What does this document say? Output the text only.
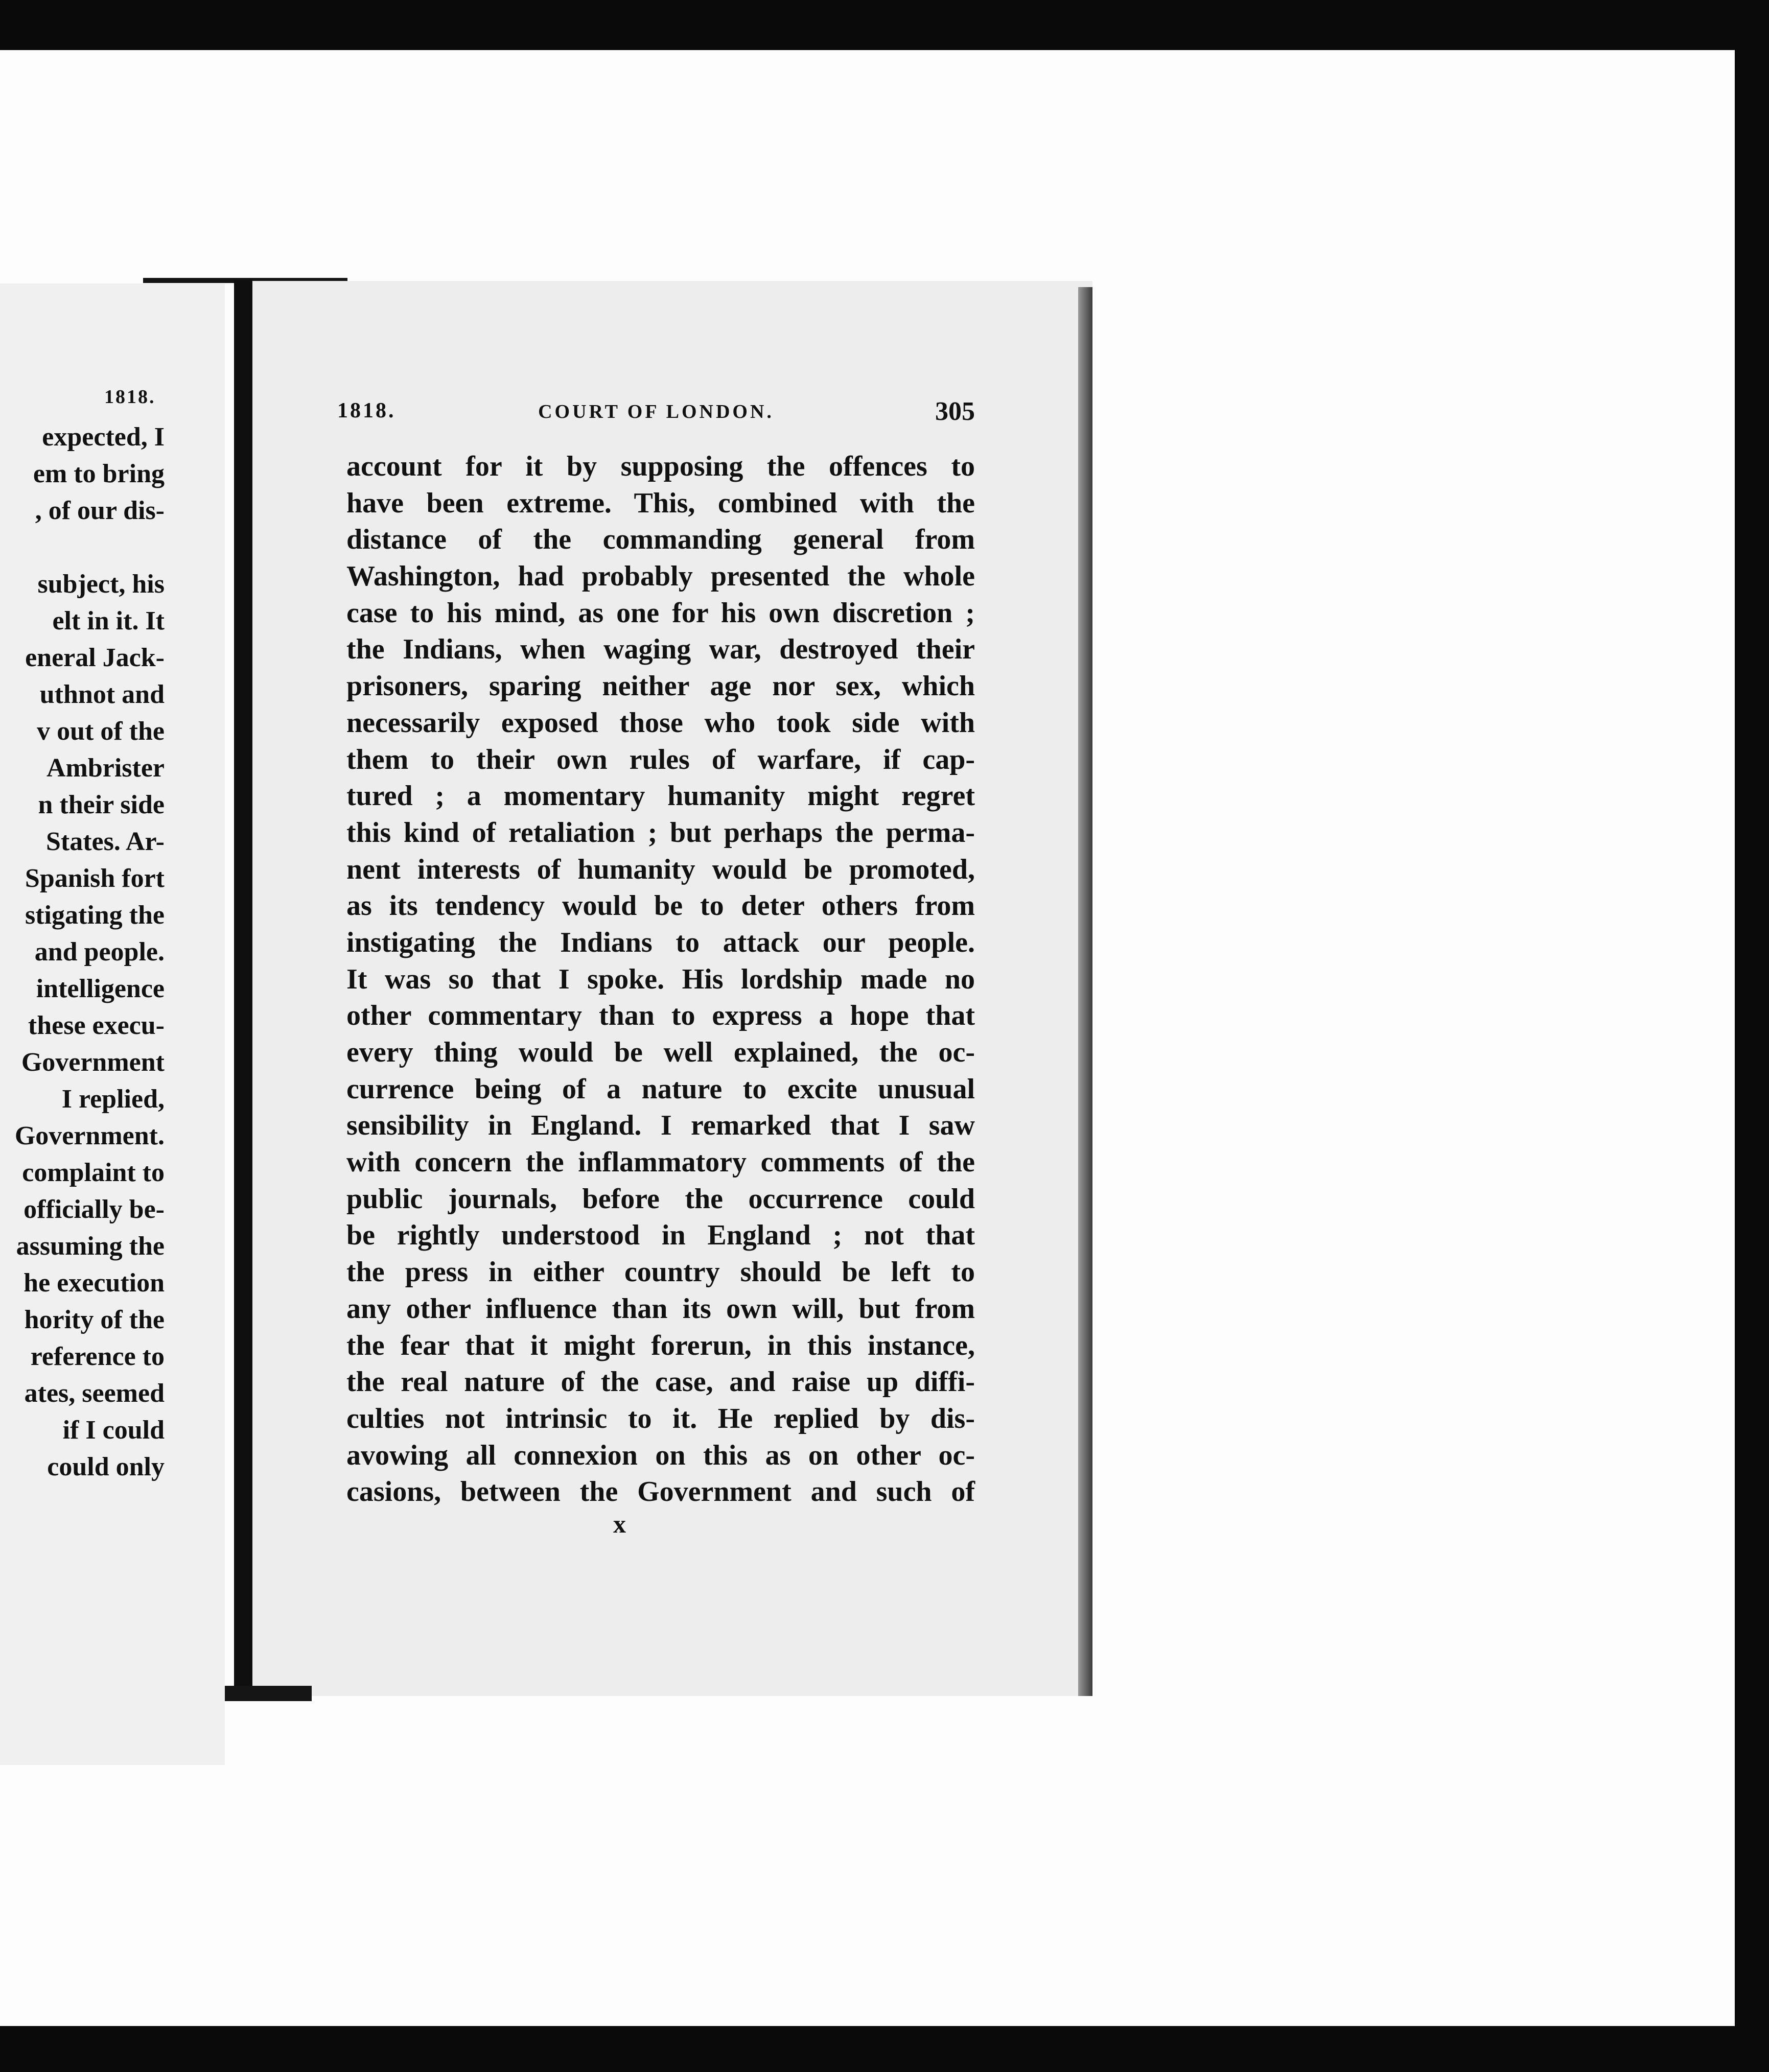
1818.
expected, I
em to bring
, of our dis-
subject, his
elt in it. It
eneral Jack-
uthnot and
v out of the
Ambrister
n their side
States. Ar-
Spanish fort
stigating the
and people.
intelligence
these execu-
Government
I replied,
Government.
complaint to
officially be-
assuming the
he execution
hority of the
reference to
ates, seemed
if I could
could only
1818.	COURT OF LONDON.	305
account for it by supposing the offences to
have been extreme. This, combined with the
distance of the commanding general from
Washington, had probably presented the whole
case to his mind, as one for his own discretion ;
the Indians, when waging war, destroyed their
prisoners, sparing neither age nor sex, which
necessarily exposed those who took side with
them to their own rules of warfare, if cap-
tured ; a momentary humanity might regret
this kind of retaliation ; but perhaps the perma-
nent interests of humanity would be promoted,
as its tendency would be to deter others from
instigating the Indians to attack our people.
It was so that I spoke. His lordship made no
other commentary than to express a hope that
every thing would be well explained, the oc-
currence being of a nature to excite unusual
sensibility in England. I remarked that I saw
with concern the inflammatory comments of the
public journals, before the occurrence could
be rightly understood in England ; not that
the press in either country should be left to
any other influence than its own will, but from
the fear that it might forerun, in this instance,
the real nature of the case, and raise up diffi-
culties not intrinsic to it. He replied by dis-
avowing all connexion on this as on other oc-
casions, between the Government and such of
x
